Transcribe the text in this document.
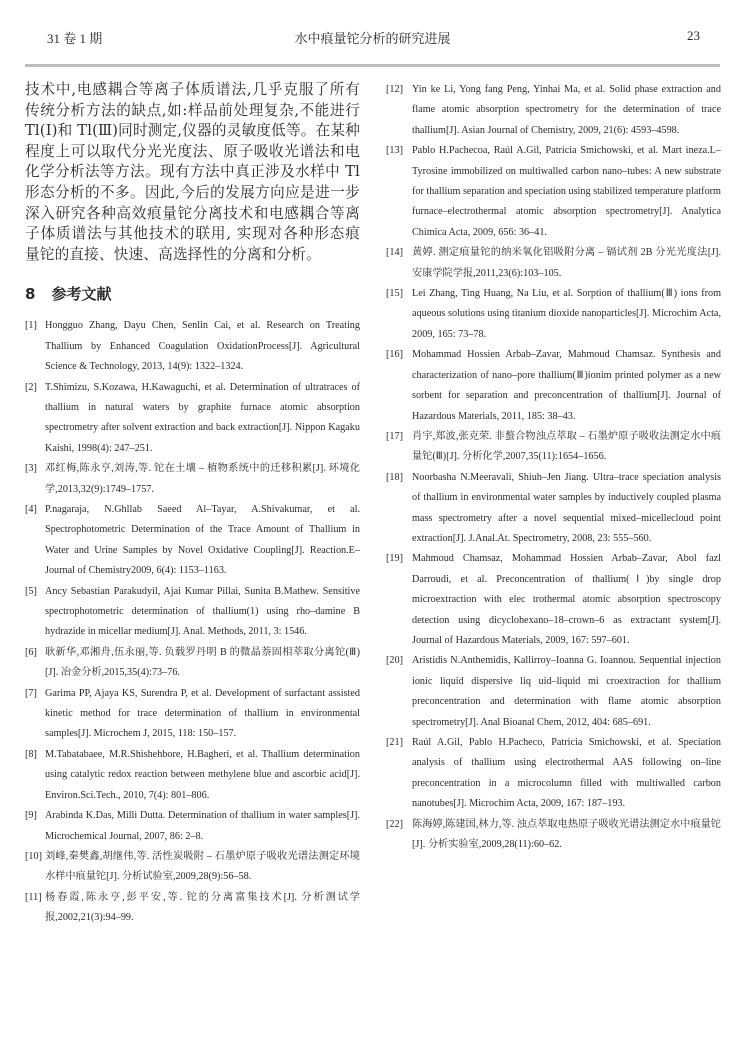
31 卷 1 期	水中痕量铊分析的研究进展	23

技术中,电感耦合等离子体质谱法,几乎克服了所有传统分析方法的缺点,如:样品前处理复杂,不能进行 Tl(Ⅰ)和 Tl(Ⅲ)同时测定,仪器的灵敏度低等。在某种程度上可以取代分光光度法、原子吸收光谱法和电化学分析法等方法。现有方法中真正涉及水样中 Tl 形态分析的不多。因此,今后的发展方向应是进一步深入研究各种高效痕量铊分离技术和电感耦合等离子体质谱法与其他技术的联用, 实现对各种形态痕量铊的直接、快速、高选择性的分离和分析。

8 参考文献
[1] Hongguo Zhang, Dayu Chen, Senlin Cai, et al. Research on Treating Thallium by Enhanced Coagulation OxidationProcess[J]. Agricultural Science & Technology, 2013, 14(9): 1322–1324.
[2] T.Shimizu, S.Kozawa, H.Kawaguchi, et al. Determination of ultratraces of thallium in natural waters by graphite furnace atomic absorption spectrometry after solvent extraction and back extraction[J]. Nippon Kagaku Kaishi, 1998(4): 247–251.
[3] 邓红梅,陈永亨,刘涛,等. 铊在土壤 – 植物系统中的迁移积累[J]. 环境化学,2013,32(9):1749–1757.
[4] P.nagaraja, N.Ghllab Saeed Al–Tayar, A.Shivakumar, et al. Spectrophotometric Determination of the Trace Amount of Thallium in Water and Urine Samples by Novel Oxidative Coupling[J]. Reaction.E–Journal of Chemistry2009, 6(4): 1153–1163.
[5] Ancy Sebastian Parakudyil, Ajai Kumar Pillai, Sunita B.Mathew. Sensitive spectrophotometric determination of thallium(1) using rho–damine B hydrazide in micellar medium[J]. Anal. Methods, 2011, 3: 1546.
[6] 耿新华,邓湘舟,伍永丽,等. 负载罗丹明 B 的微晶萘固相萃取分离铊(Ⅲ)[J]. 冶金分析,2015,35(4):73–76.
[7] Garima PP, Ajaya KS, Surendra P, et al. Development of surfactant assisted kinetic method for trace determination of thallium in environmental samples[J]. Microchem J, 2015, 118: 150–157.
[8] M.Tabatabaee, M.R.Shishehbore, H.Bagheri, et al. Thallium determination using catalytic redox reaction between methylene blue and ascorbic acid[J]. Environ.Sci.Tech., 2010, 7(4): 801–806.
[9] Arabinda K.Das, Milli Dutta. Determination of thallium in water samples[J]. Microchemical Journal, 2007, 86: 2–8.
[10] 刘峰,秦樊鑫,胡继伟,等. 活性炭吸附 – 石墨炉原子吸收光谱法测定环境水样中痕量铊[J]. 分析试验室,2009,28(9):56–58.
[11] 杨春霞,陈永亨,彭平安,等. 铊的分离富集技术[J]. 分析测试学报,2002,21(3):94–99.
[12] Yin ke Li, Yong fang Peng, Yinhai Ma, et al. Solid phase extraction and flame atomic absorption spectrometry for the determination of trace thallium[J]. Asian Journal of Chemistry, 2009, 21(6): 4593–4598.
[13] Pablo H.Pachecoa, Raúl A.Gil, Patricia Smichowski, et al. Mart ineza.L–Tyrosine immobilized on multiwalled carbon nano–tubes: A new substrate for thallium separation and speciation using stabilized temperature platform furnace–electrothermal atomic absorption spectrometry[J]. Analytica Chimica Acta, 2009, 656: 36–41.
[14] 黄婷. 测定痕量铊的纳米氧化铝吸附分离 – 镉试剂 2B 分光光度法[J]. 安康学院学报,2011,23(6):103–105.
[15] Lei Zhang, Ting Huang, Na Liu, et al. Sorption of thallium(Ⅲ) ions from aqueous solutions using titanium dioxide nanoparticles[J]. Microchim Acta, 2009, 165: 73–78.
[16] Mohammad Hossien Arbab–Zavar, Mahmoud Chamsaz. Synthesis and characterization of nano–pore thallium(Ⅲ)ionim printed polymer as a new sorbent for separation and preconcentration of thallium[J]. Journal of Hazardous Materials, 2011, 185: 38–43.
[17] 肖宇,郑波,张克荣. 非螯合物浊点萃取 – 石墨炉原子吸收法测定水中痕量铊(Ⅲ)[J]. 分析化学,2007,35(11):1654–1656.
[18] Noorbasha N.Meeravali, Shiuh–Jen Jiang. Ultra–trace speciation analysis of thallium in environmental water samples by inductively coupled plasma mass spectrometry after a novel sequential mixed–micellecloud point extraction[J]. J.Anal.At. Spectrometry, 2008, 23: 555–560.
[19] Mahmoud Chamsaz, Mohammad Hossien Arbab–Zavar, Abol fazl Darroudi, et al. Preconcentration of thallium(Ⅰ)by single drop microextraction with elec trothermal atomic absorption spectroscopy detection using dicyclohexano–18–crown–6 as extractant system[J]. Journal of Hazardous Materials, 2009, 167: 597–601.
[20] Aristidis N.Anthemidis, Kallirroy–Ioanna G. Ioannou. Sequential injection ionic liquid dispersive liq uid–liquid mi croextraction for thallium preconcentration and determination with flame atomic absorption spectrometry[J]. Anal Bioanal Chem, 2012, 404: 685–691.
[21] Raúl A.Gil, Pablo H.Pacheco, Patricia Smichowski, et al. Speciation analysis of thallium using electrothermal AAS following on–line preconcentration in a microcolumn filled with multiwalled carbon nanotubes[J]. Microchim Acta, 2009, 167: 187–193.
[22] 陈海婷,陈建国,林力,等. 浊点萃取电热原子吸收光谱法测定水中痕量铊[J]. 分析实验室,2009,28(11):60–62.
